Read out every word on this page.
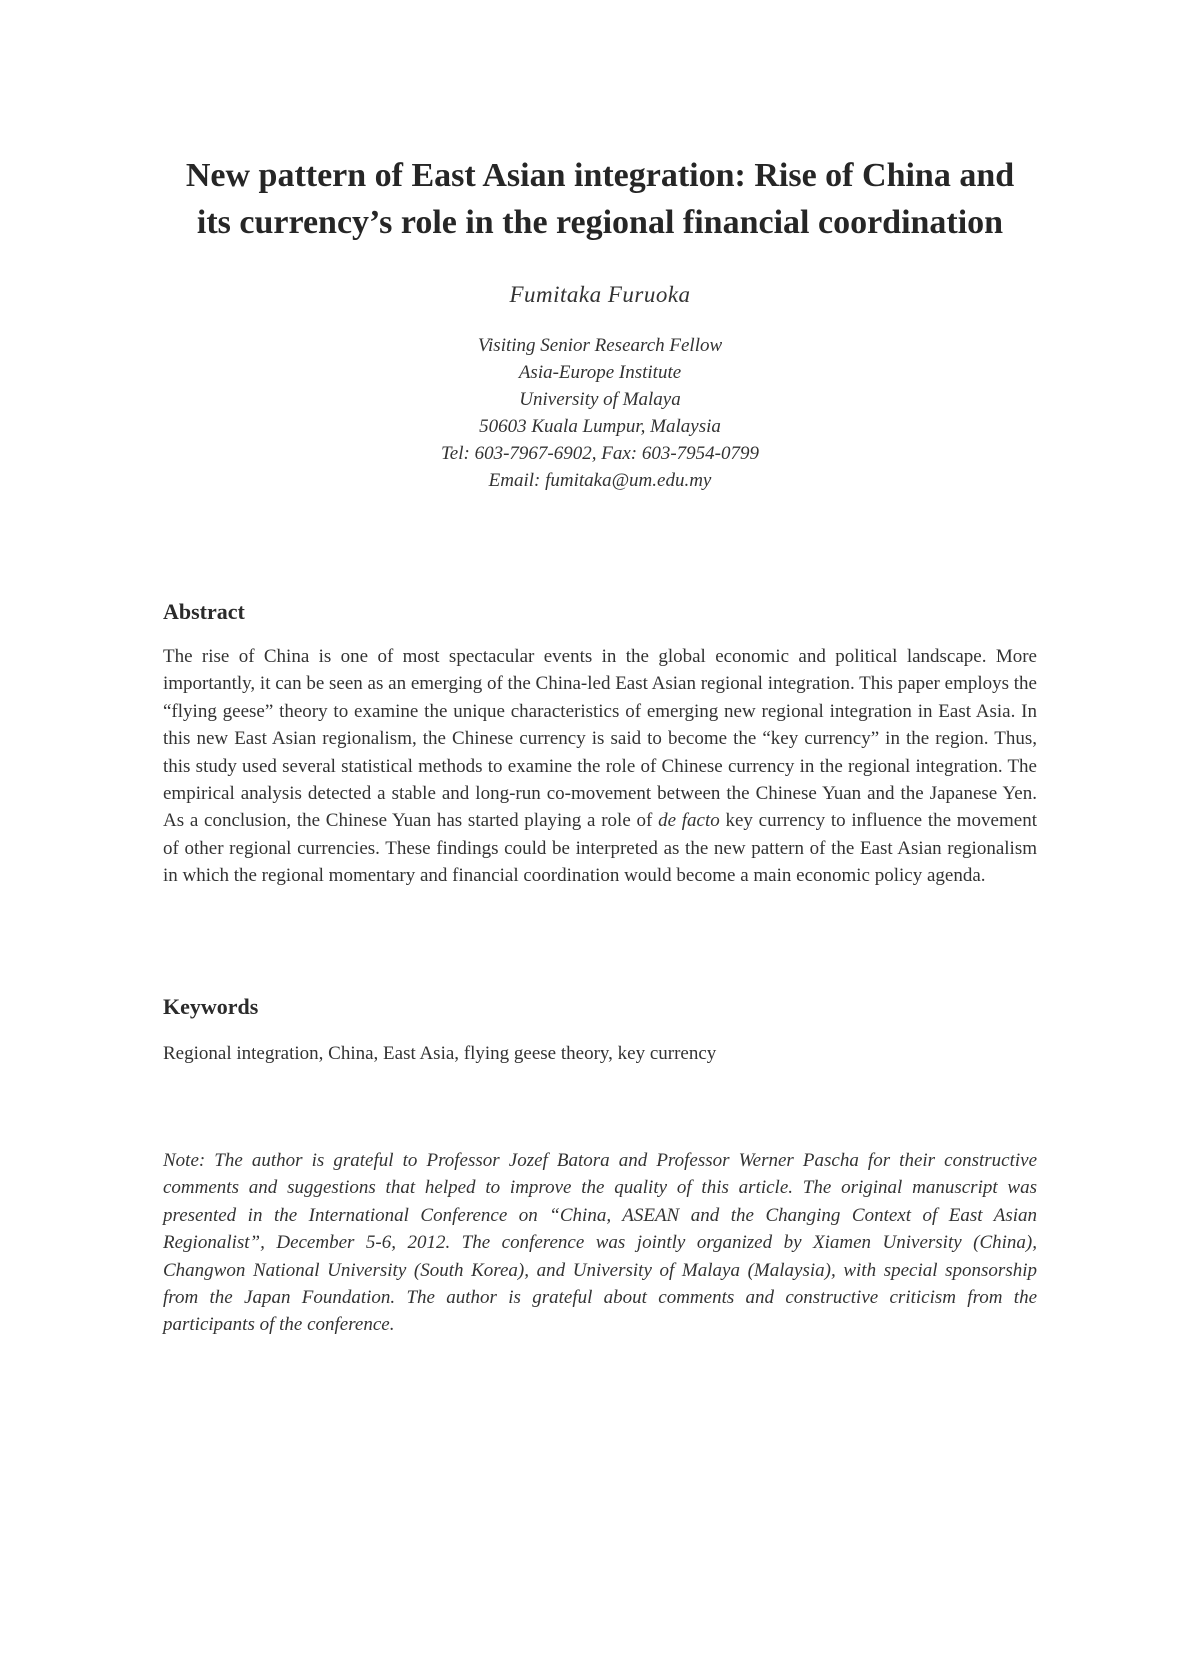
New pattern of East Asian integration: Rise of China and
its currency’s role in the regional financial coordination
Fumitaka Furuoka
Visiting Senior Research Fellow
Asia-Europe Institute
University of Malaya
50603 Kuala Lumpur, Malaysia
Tel: 603-7967-6902, Fax: 603-7954-0799
Email: fumitaka@um.edu.my
Abstract

The rise of China is one of most spectacular events in the global economic and political landscape. More importantly, it can be seen as an emerging of the China-led East Asian regional integration. This paper employs the “flying geese” theory to examine the unique characteristics of emerging new regional integration in East Asia. In this new East Asian regionalism, the Chinese currency is said to become the “key currency” in the region. Thus, this study used several statistical methods to examine the role of Chinese currency in the regional integration. The empirical analysis detected a stable and long-run co-movement between the Chinese Yuan and the Japanese Yen. As a conclusion, the Chinese Yuan has started playing a role of de facto key currency to influence the movement of other regional currencies. These findings could be interpreted as the new pattern of the East Asian regionalism in which the regional momentary and financial coordination would become a main economic policy agenda.

Keywords

Regional integration, China, East Asia, flying geese theory, key currency

Note: The author is grateful to Professor Jozef Batora and Professor Werner Pascha for their constructive comments and suggestions that helped to improve the quality of this article. The original manuscript was presented in the International Conference on “China, ASEAN and the Changing Context of East Asian Regionalist”, December 5-6, 2012. The conference was jointly organized by Xiamen University (China), Changwon National University (South Korea), and University of Malaya (Malaysia), with special sponsorship from the Japan Foundation. The author is grateful about comments and constructive criticism from the participants of the conference.
